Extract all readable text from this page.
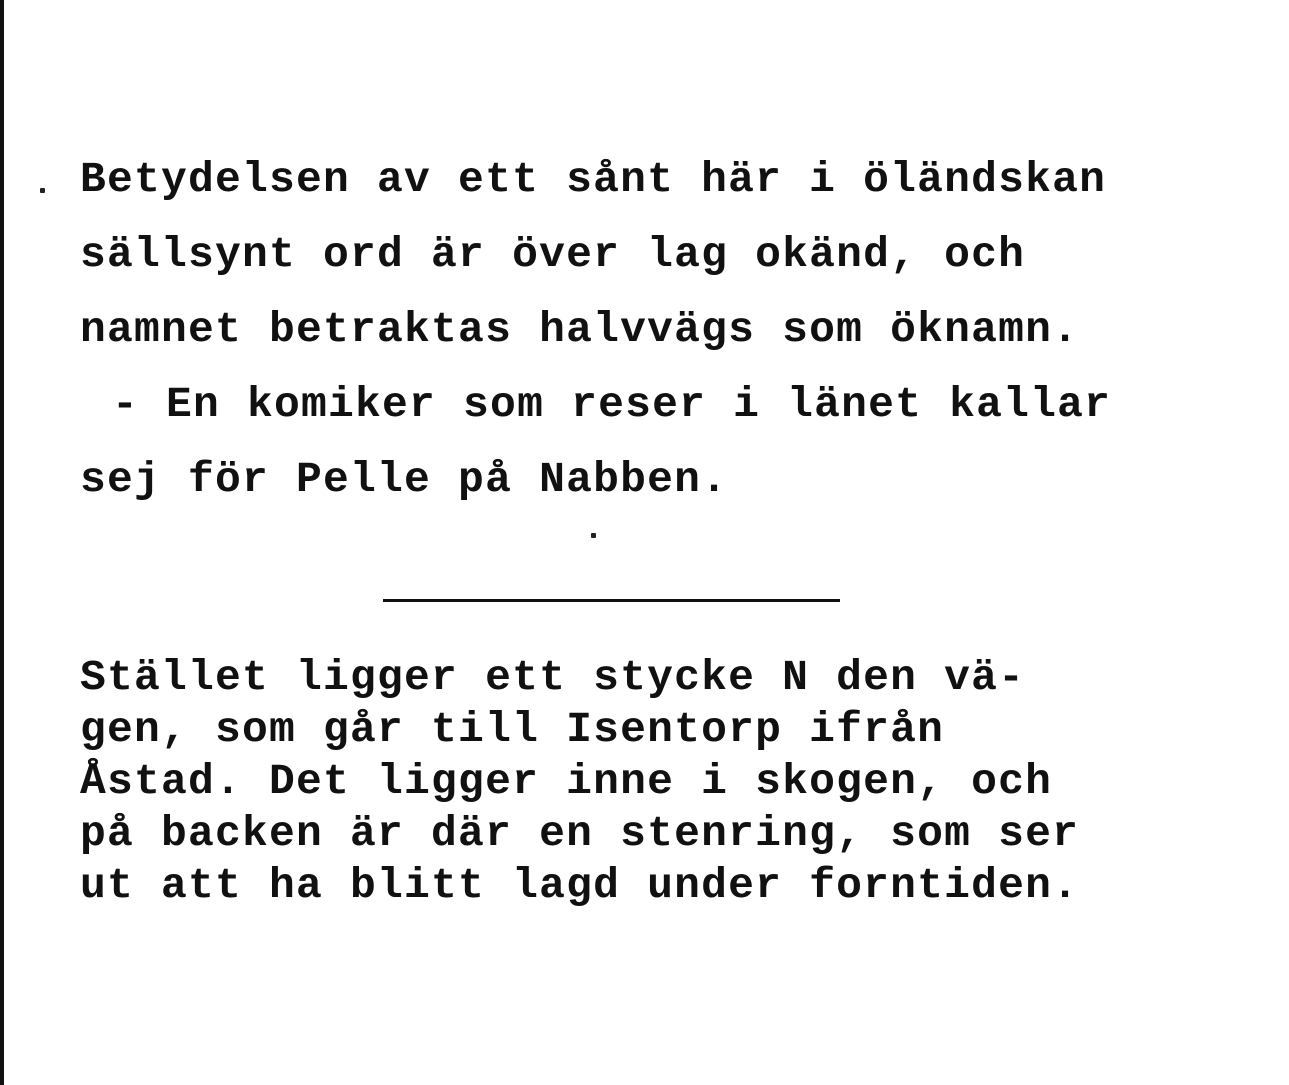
Betydelsen av ett sånt här i öländskan
sällsynt ord är över lag okänd, och
namnet betraktas halvvägs som öknamn.
- En komiker som reser i länet kallar
sej för Pelle på Nabben.
Stället ligger ett stycke N den vä-
gen, som går till Isentorp ifrån
Åstad. Det ligger inne i skogen, och
på backen är där en stenring, som ser
ut att ha blitt lagd under forntiden.
